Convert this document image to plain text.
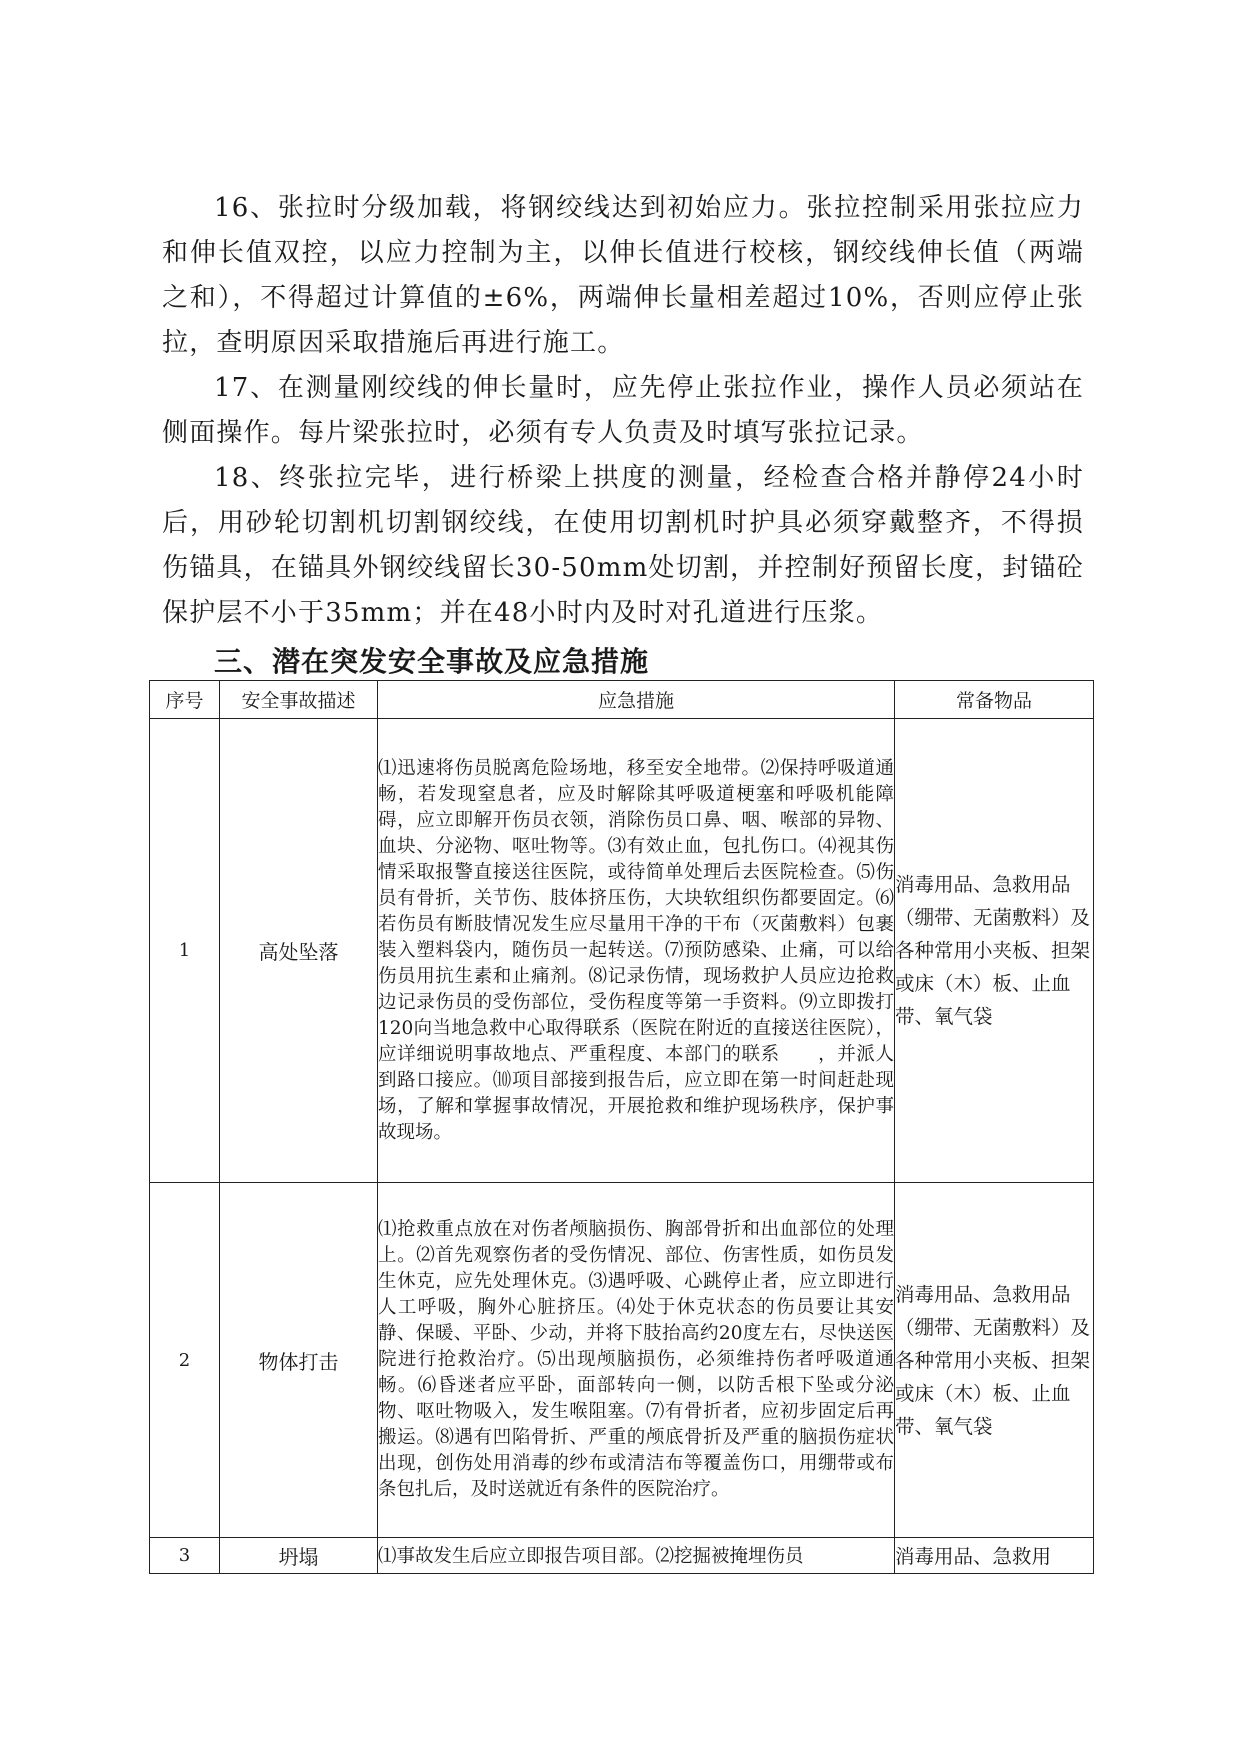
16、张拉时分级加载，将钢绞线达到初始应力。张拉控制采用张拉应力和伸长值双控，以应力控制为主，以伸长值进行校核，钢绞线伸长值（两端之和），不得超过计算值的±6%，两端伸长量相差超过10%，否则应停止张拉，查明原因采取措施后再进行施工。

17、在测量刚绞线的伸长量时，应先停止张拉作业，操作人员必须站在侧面操作。每片梁张拉时，必须有专人负责及时填写张拉记录。

18、终张拉完毕，进行桥梁上拱度的测量，经检查合格并静停24小时后，用砂轮切割机切割钢绞线，在使用切割机时护具必须穿戴整齐，不得损伤锚具，在锚具外钢绞线留长30-50mm处切割，并控制好预留长度，封锚砼保护层不小于35mm；并在48小时内及时对孔道进行压浆。

三、潜在突发安全事故及应急措施
序号	安全事故描述	应急措施	常备物品
1	高处坠落	⑴迅速将伤员脱离危险场地，移至安全地带。⑵保持呼吸道通畅，若发现窒息者，应及时解除其呼吸道梗塞和呼吸机能障碍，应立即解开伤员衣领，消除伤员口鼻、咽、喉部的异物、血块、分泌物、呕吐物等。⑶有效止血，包扎伤口。⑷视其伤情采取报警直接送往医院，或待简单处理后去医院检查。⑸伤员有骨折，关节伤、肢体挤压伤，大块软组织伤都要固定。⑹若伤员有断肢情况发生应尽量用干净的干布（灭菌敷料）包裹装入塑料袋内，随伤员一起转送。⑺预防感染、止痛，可以给伤员用抗生素和止痛剂。⑻记录伤情，现场救护人员应边抢救边记录伤员的受伤部位，受伤程度等第一手资料。⑼立即拨打120向当地急救中心取得联系（医院在附近的直接送往医院），应详细说明事故地点、严重程度、本部门的联系　　，并派人到路口接应。⑽项目部接到报告后，应立即在第一时间赶赴现场，了解和掌握事故情况，开展抢救和维护现场秩序，保护事故现场。	消毒用品、急救用品（绷带、无菌敷料）及各种常用小夹板、担架或床（木）板、止血带、氧气袋
2	物体打击	⑴抢救重点放在对伤者颅脑损伤、胸部骨折和出血部位的处理上。⑵首先观察伤者的受伤情况、部位、伤害性质，如伤员发生休克，应先处理休克。⑶遇呼吸、心跳停止者，应立即进行人工呼吸，胸外心脏挤压。⑷处于休克状态的伤员要让其安静、保暖、平卧、少动，并将下肢抬高约20度左右，尽快送医院进行抢救治疗。⑸出现颅脑损伤，必须维持伤者呼吸道通畅。⑹昏迷者应平卧，面部转向一侧，以防舌根下坠或分泌物、呕吐物吸入，发生喉阻塞。⑺有骨折者，应初步固定后再搬运。⑻遇有凹陷骨折、严重的颅底骨折及严重的脑损伤症状出现，创伤处用消毒的纱布或清洁布等覆盖伤口，用绷带或布条包扎后，及时送就近有条件的医院治疗。	消毒用品、急救用品（绷带、无菌敷料）及各种常用小夹板、担架或床（木）板、止血带、氧气袋
3	坍塌	⑴事故发生后应立即报告项目部。⑵挖掘被掩埋伤员	消毒用品、急救用
